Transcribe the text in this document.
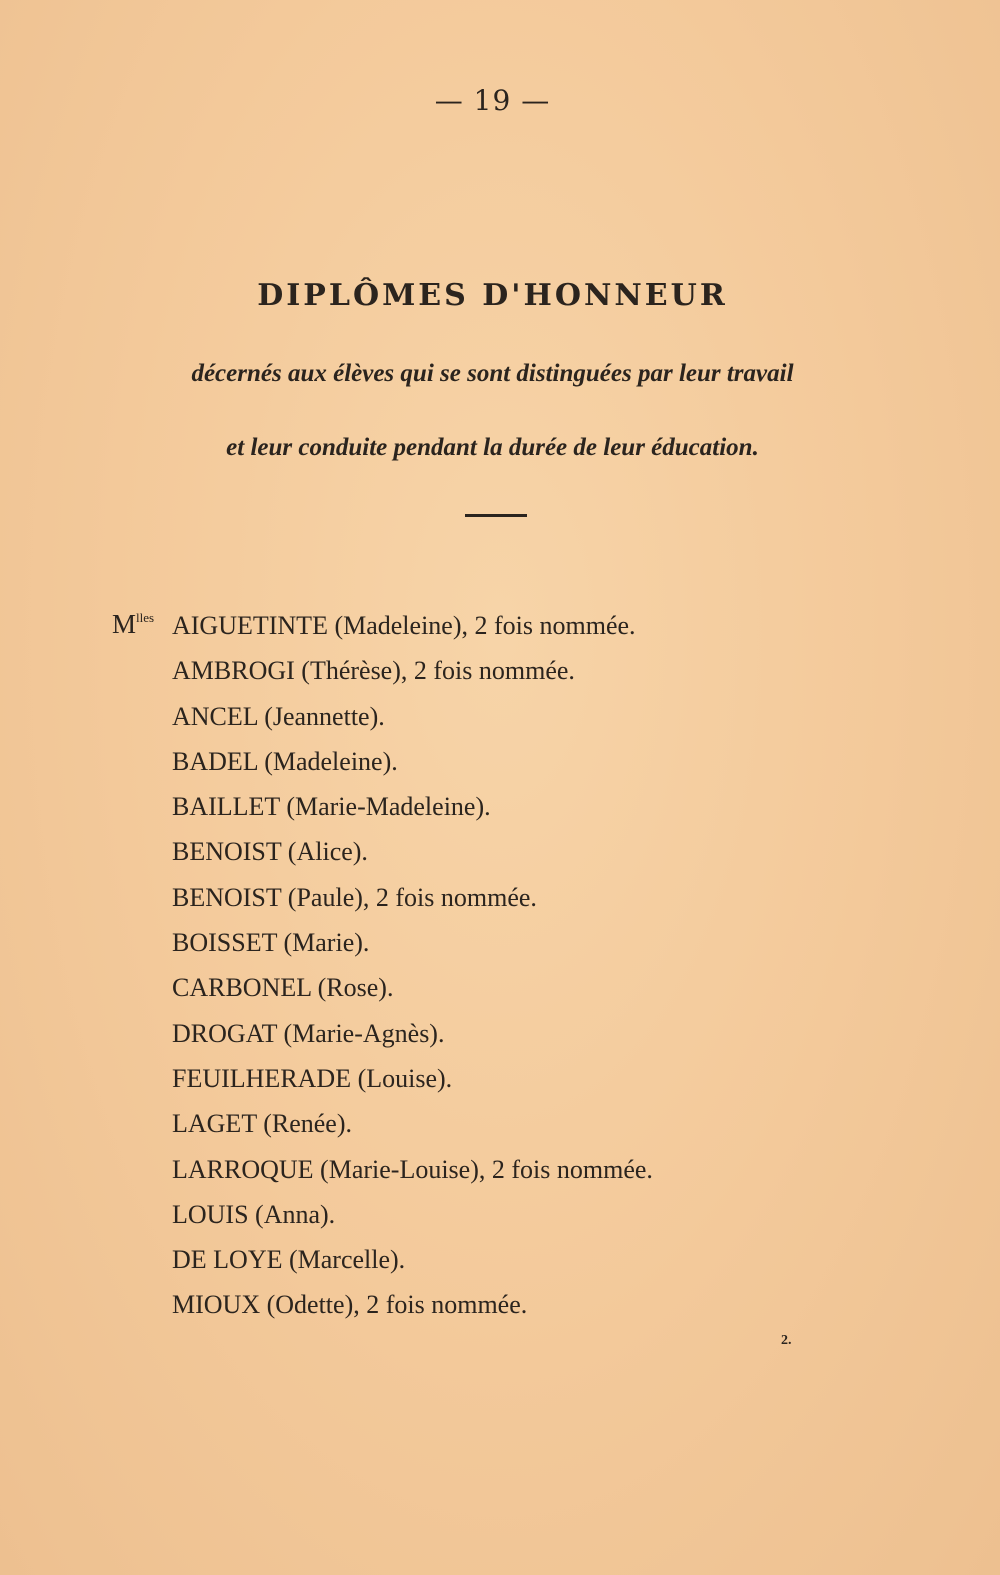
— 19 —
DIPLÔMES D'HONNEUR
décernés aux élèves qui se sont distinguées par leur travail
et leur conduite pendant la durée de leur éducation.
$M^{lles}$ AIGUETINTE (Madeleine), 2 fois nommée.
AMBROGI (Thérèse), 2 fois nommée.
ANCEL (Jeannette).
BADEL (Madeleine).
BAILLET (Marie-Madeleine).
BENOIST (Alice).
BENOIST (Paule), 2 fois nommée.
BOISSET (Marie).
CARBONEL (Rose).
DROGAT (Marie-Agnès).
FEUILHERADE (Louise).
LAGET (Renée).
LARROQUE (Marie-Louise), 2 fois nommée.
LOUIS (Anna).
DE LOYE (Marcelle).
MIOUX (Odette), 2 fois nommée.
2.
